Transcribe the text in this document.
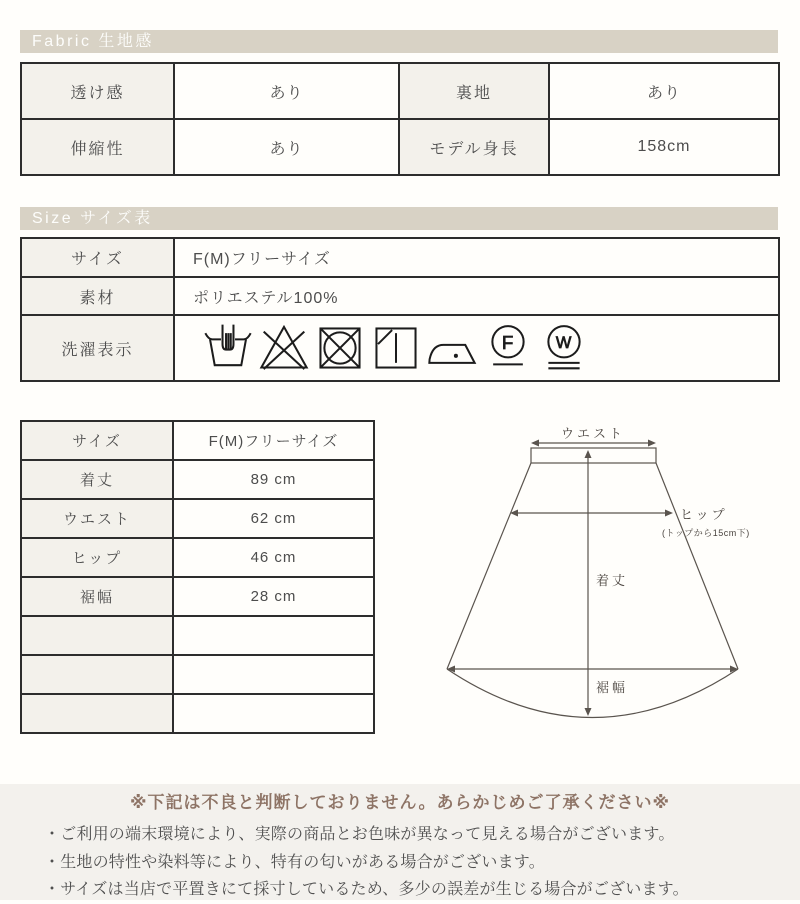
Fabric 生地感
透け感	あり	裏地	あり
伸縮性	あり	モデル身長	158cm
Size サイズ表
サイズ	F(M)フリーサイズ
素材	ポリエステル100%
洗濯表示	F W
サイズ	F(M)フリーサイズ
着丈	89 cm
ウエスト	62 cm
ヒップ	46 cm
裾幅	28 cm

ウエスト
ヒップ
(トップから15cm下)
着丈
裾幅
※下記は不良と判断しておりません。あらかじめご了承ください※
・ご利用の端末環境により、実際の商品とお色味が異なって見える場合がございます。
・生地の特性や染料等により、特有の匂いがある場合がございます。
・サイズは当店で平置きにて採寸しているため、多少の誤差が生じる場合がございます。
